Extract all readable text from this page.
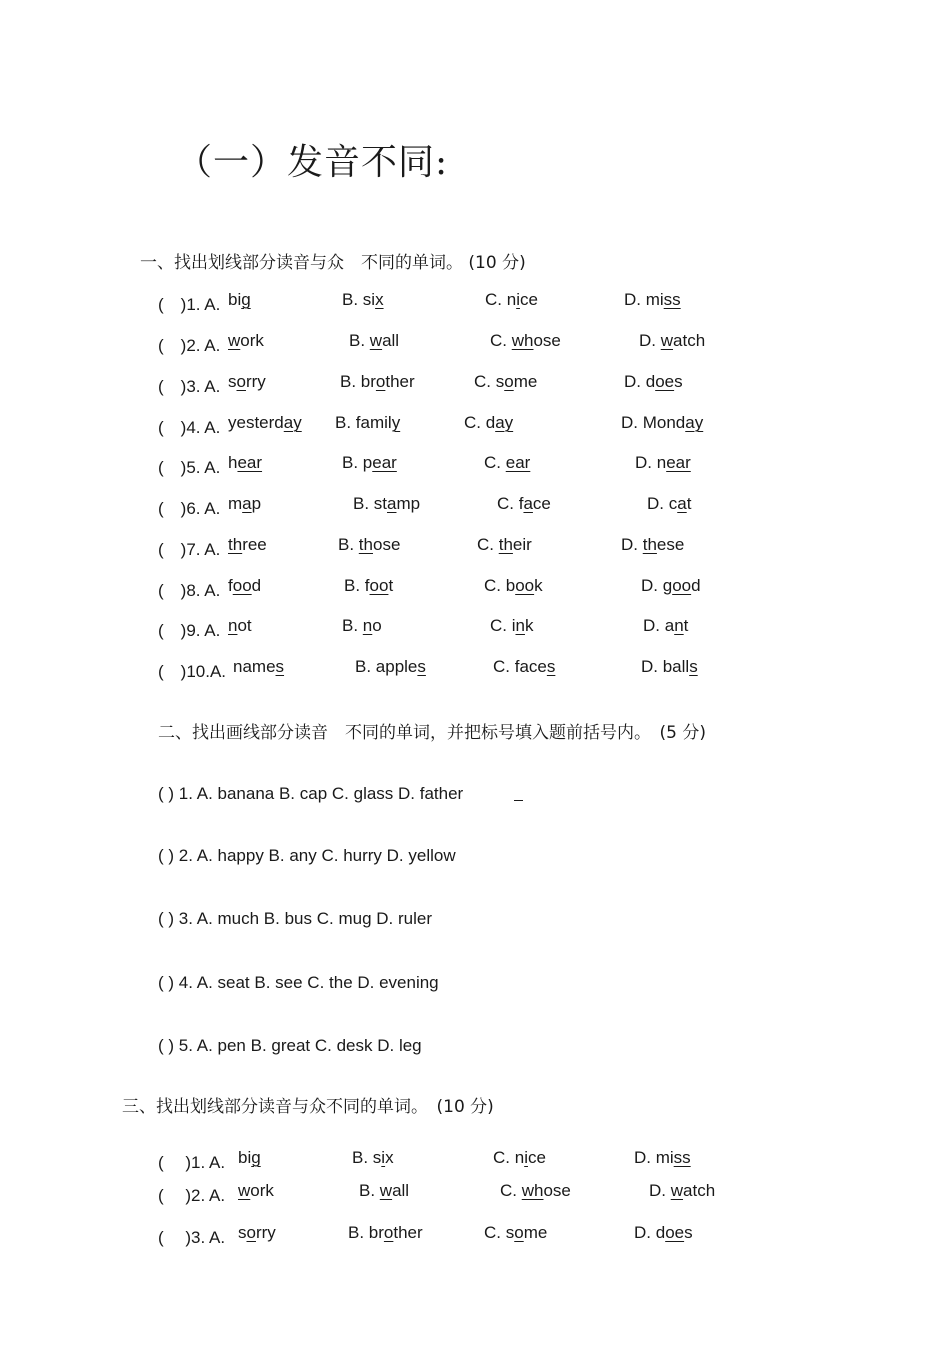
（一）发音不同:
一、找出划线部分读音与众　不同的单词。 (10 分)
(　)1. A. big	B. six	C. nice	D. miss
(　)2. A. work	B. wall	C. whose	D. watch
(　)3. A. sorry	B. brother	C. some	D. does
(　)4. A. yesterday B. family	C. day	D. Monday
(　)5. A. hear	B. pear	C. ear	D. near
(　)6. A. map	B. stamp	C. face	D. cat
(　)7. A. three	B. those	C. their	D. these
(　)8. A. food	B. foot	C. book	D. good
(　)9. A. not	B. no	C. ink	D. ant
(　)10.A. names	B. apples	C. faces	D. balls
二、找出画线部分读音　不同的单词，并把标号填入题前括号内。　(5 分)
( ) 1. A. banana B. cap C. glass D. father
( ) 2. A. happy B. any C. hurry D. yellow
( ) 3. A. much B. bus C. mug D. ruler
( ) 4. A. seat B. see C. the D. evening
( ) 5. A. pen B. great C. desk D. leg
三、找出划线部分读音与众不同的单词。　(10 分)
(　 )1. A. big	B. six	C. nice	D. miss
(　 )2. A. work	B. wall	C. whose	D. watch
(　 )3. A. sorry	B. brother	C. some	D. does
